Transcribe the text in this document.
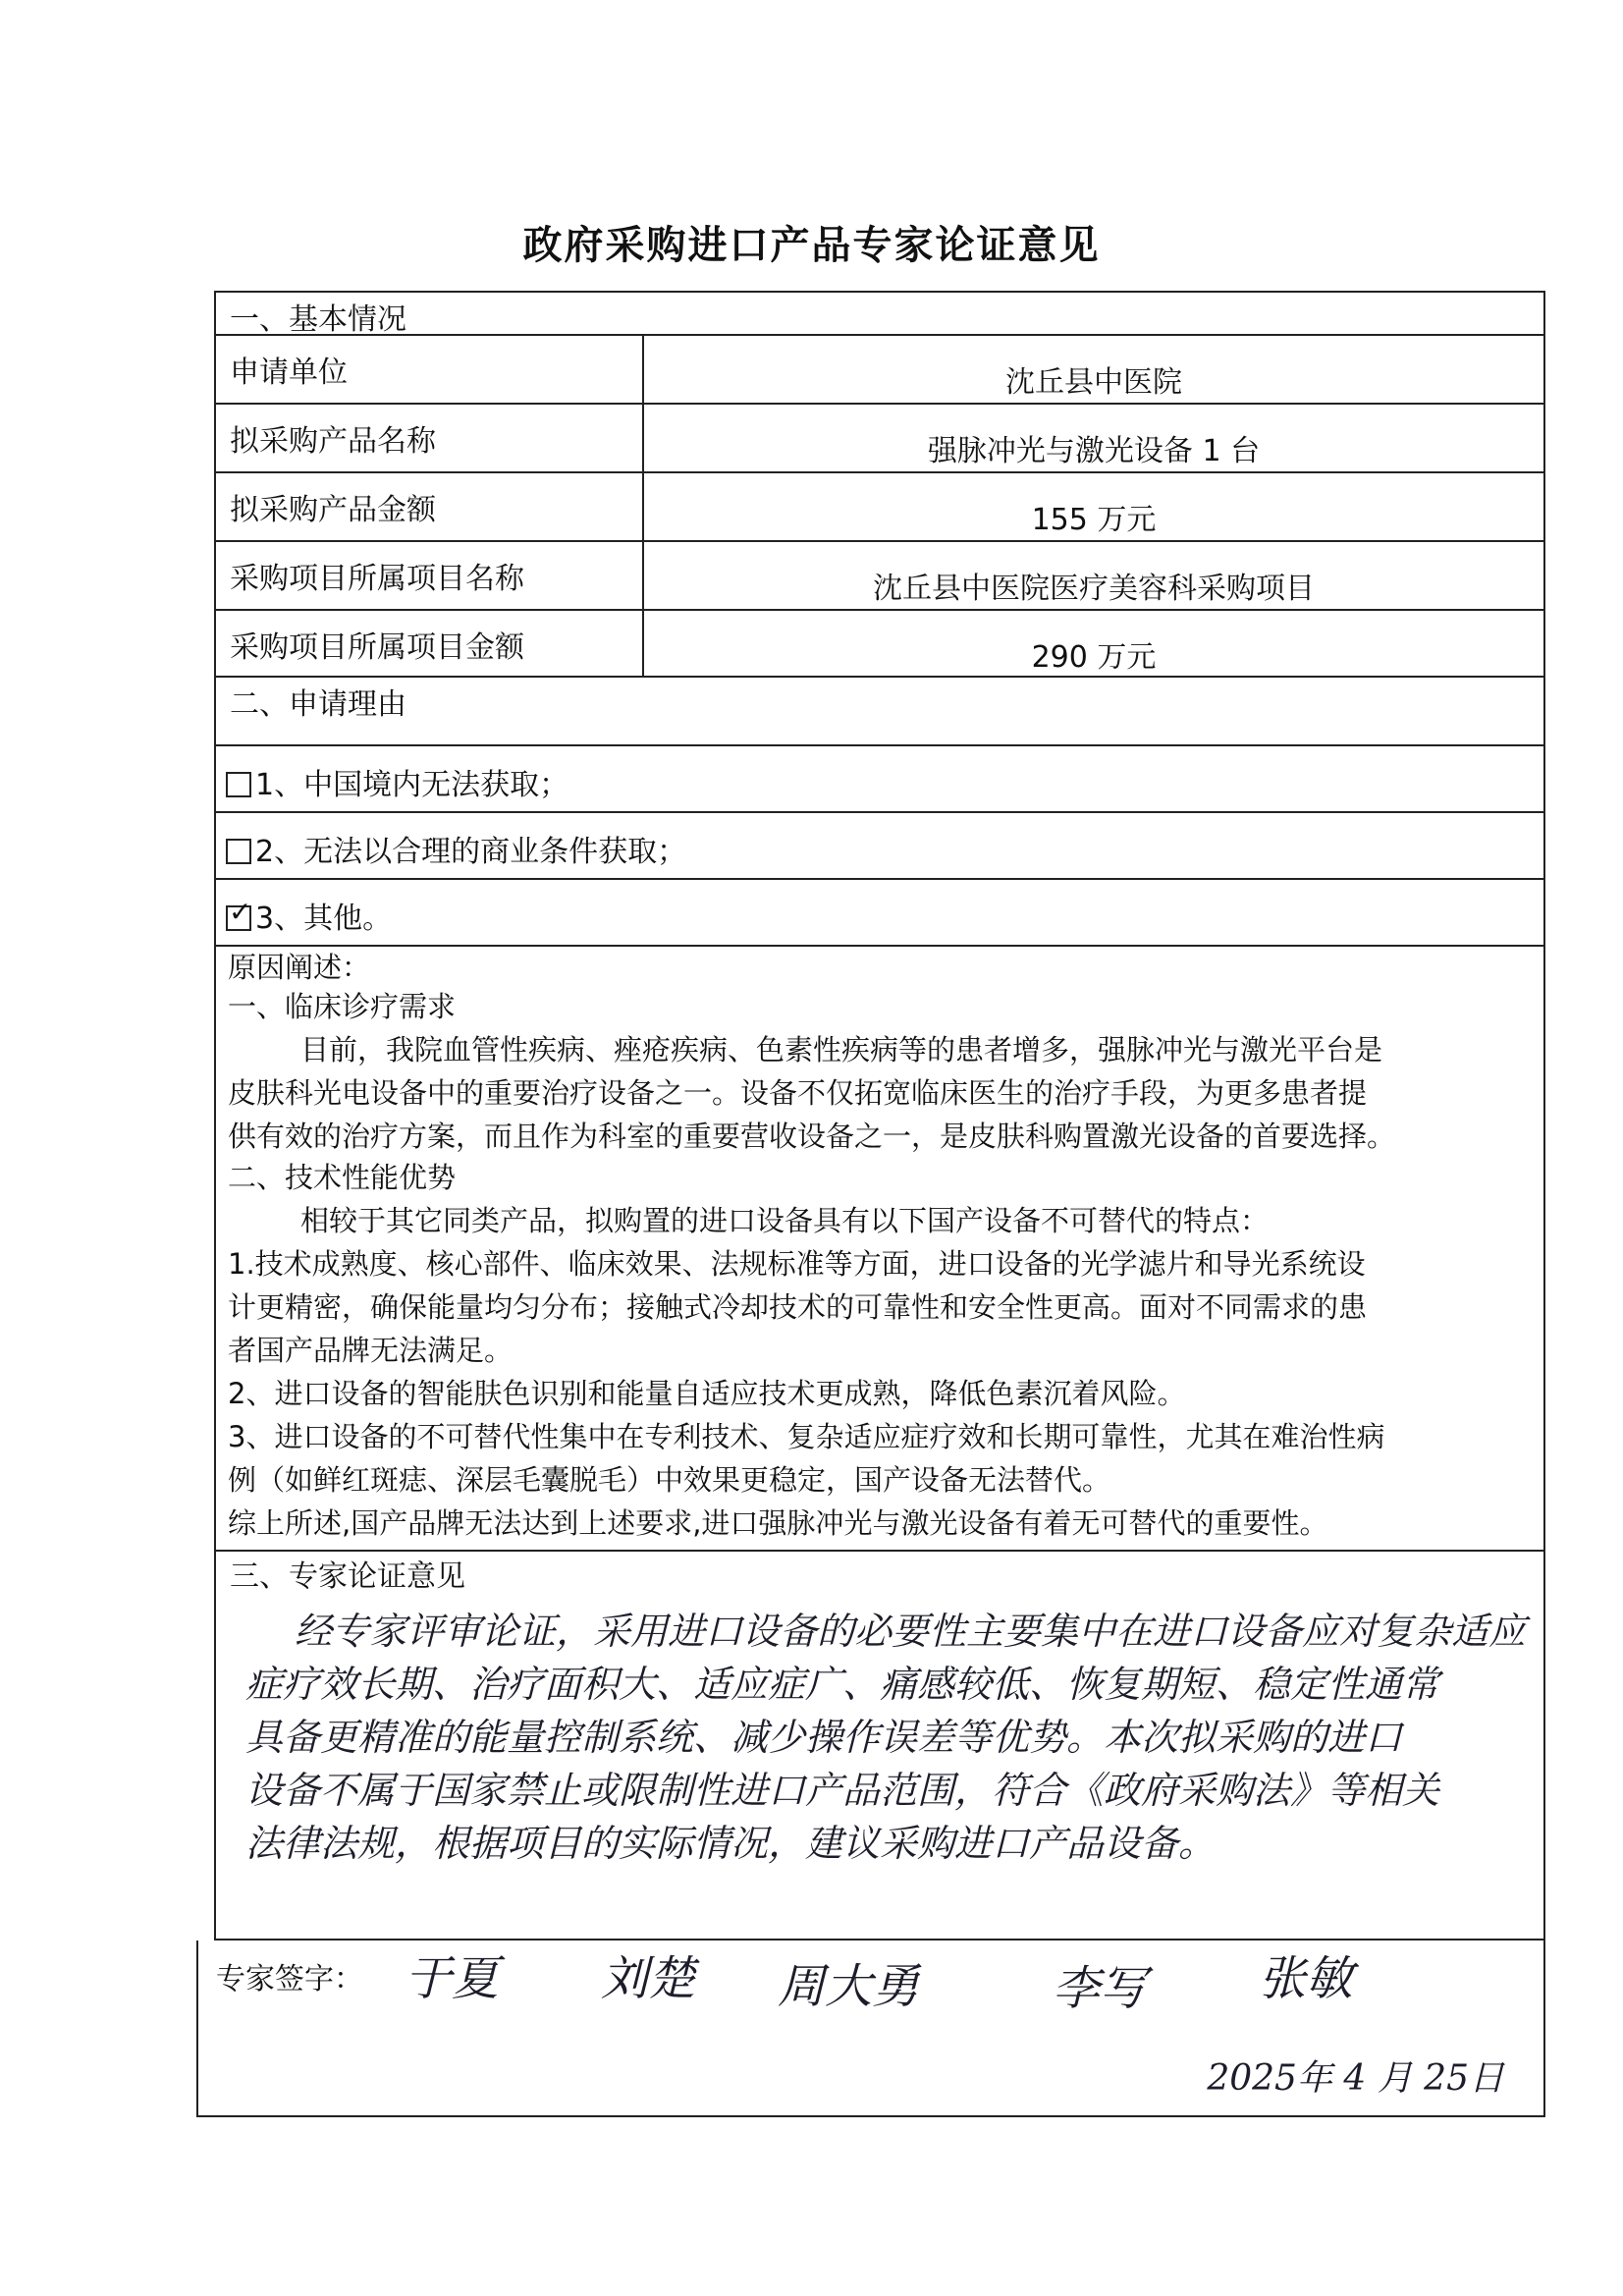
政府采购进口产品专家论证意见
一、基本情况
申请单位	沈丘县中医院
拟采购产品名称	强脉冲光与激光设备 1 台
拟采购产品金额	155 万元
采购项目所属项目名称	沈丘县中医院医疗美容科采购项目
采购项目所属项目金额	290 万元
二、申请理由
1、中国境内无法获取；
2、无法以合理的商业条件获取；
✓ 3、其他。

原因阐述：

一、临床诊疗需求

目前，我院血管性疾病、痤疮疾病、色素性疾病等的患者增多，强脉冲光与激光平台是

皮肤科光电设备中的重要治疗设备之一。设备不仅拓宽临床医生的治疗手段，为更多患者提

供有效的治疗方案，而且作为科室的重要营收设备之一，是皮肤科购置激光设备的首要选择。

二、技术性能优势

相较于其它同类产品，拟购置的进口设备具有以下国产设备不可替代的特点：

1.技术成熟度、核心部件、临床效果、法规标准等方面，进口设备的光学滤片和导光系统设

计更精密，确保能量均匀分布；接触式冷却技术的可靠性和安全性更高。面对不同需求的患

者国产品牌无法满足。

2、进口设备的智能肤色识别和能量自适应技术更成熟，降低色素沉着风险。

3、进口设备的不可替代性集中在专利技术、复杂适应症疗效和长期可靠性，尤其在难治性病

例（如鲜红斑痣、深层毛囊脱毛）中效果更稳定，国产设备无法替代。

综上所述,国产品牌无法达到上述要求,进口强脉冲光与激光设备有着无可替代的重要性。

三、专家论证意见
经专家评审论证，采用进口设备的必要性主要集中在进口设备应对复杂适应
症疗效长期、治疗面积大、适应症广、痛感较低、恢复期短、稳定性通常
具备更精准的能量控制系统、减少操作误差等优势。本次拟采购的进口
设备不属于国家禁止或限制性进口产品范围，符合《政府采购法》等相关
法律法规，根据项目的实际情况，建议采购进口产品设备。
专家签字： 于夏 刘楚 周大勇	李写 张敏
2025年 4 月 25日
